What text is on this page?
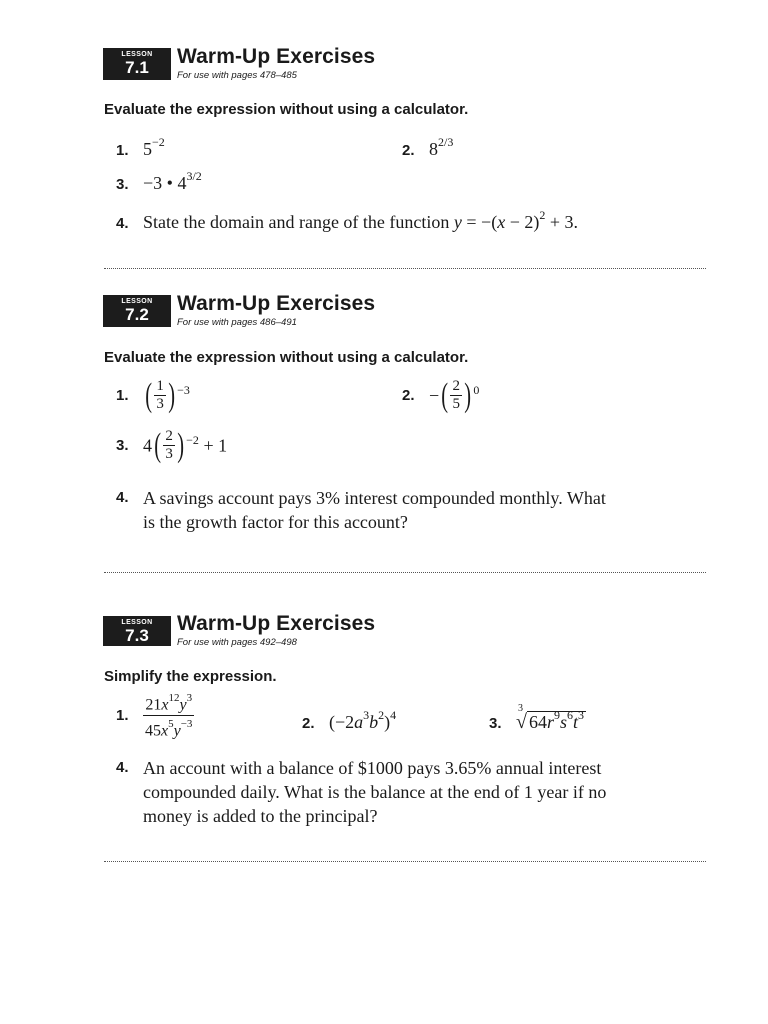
LESSON
7.1	Warm-Up Exercises
For use with pages 478–485
Evaluate the expression without using a calculator.
1. $5^{-2}$	2. $8^{2/3}$
3. −3 • $4^{3/2}$
4. State the domain and range of the function $y = -(x - 2)^2 + 3$.
LESSON
7.2	Warm-Up Exercises
For use with pages 486–491
Evaluate the expression without using a calculator.
1. ( $\frac{1}{3}$ ) $^{-3}$	2. −( $\frac{2}{5}$ ) $^0$
3. $4( \frac{2}{3}$ ) $^{-2}$ + 1
4. A savings account pays 3% interest compounded monthly. What
is the growth factor for this account?
LESSON
7.3
Warm-Up Exercises
For use with pages 492–498
Simplify the expression.
1. $\frac{21x^{12}y^3}{45x^5y^{-3}}$	2. $(-2a^3b^2)^4$	3.
3
√ $64r^9s^6t^3$
4. An account with a balance of $1000 pays 3.65% annual interest
compounded daily. What is the balance at the end of 1 year if no
money is added to the principal?
